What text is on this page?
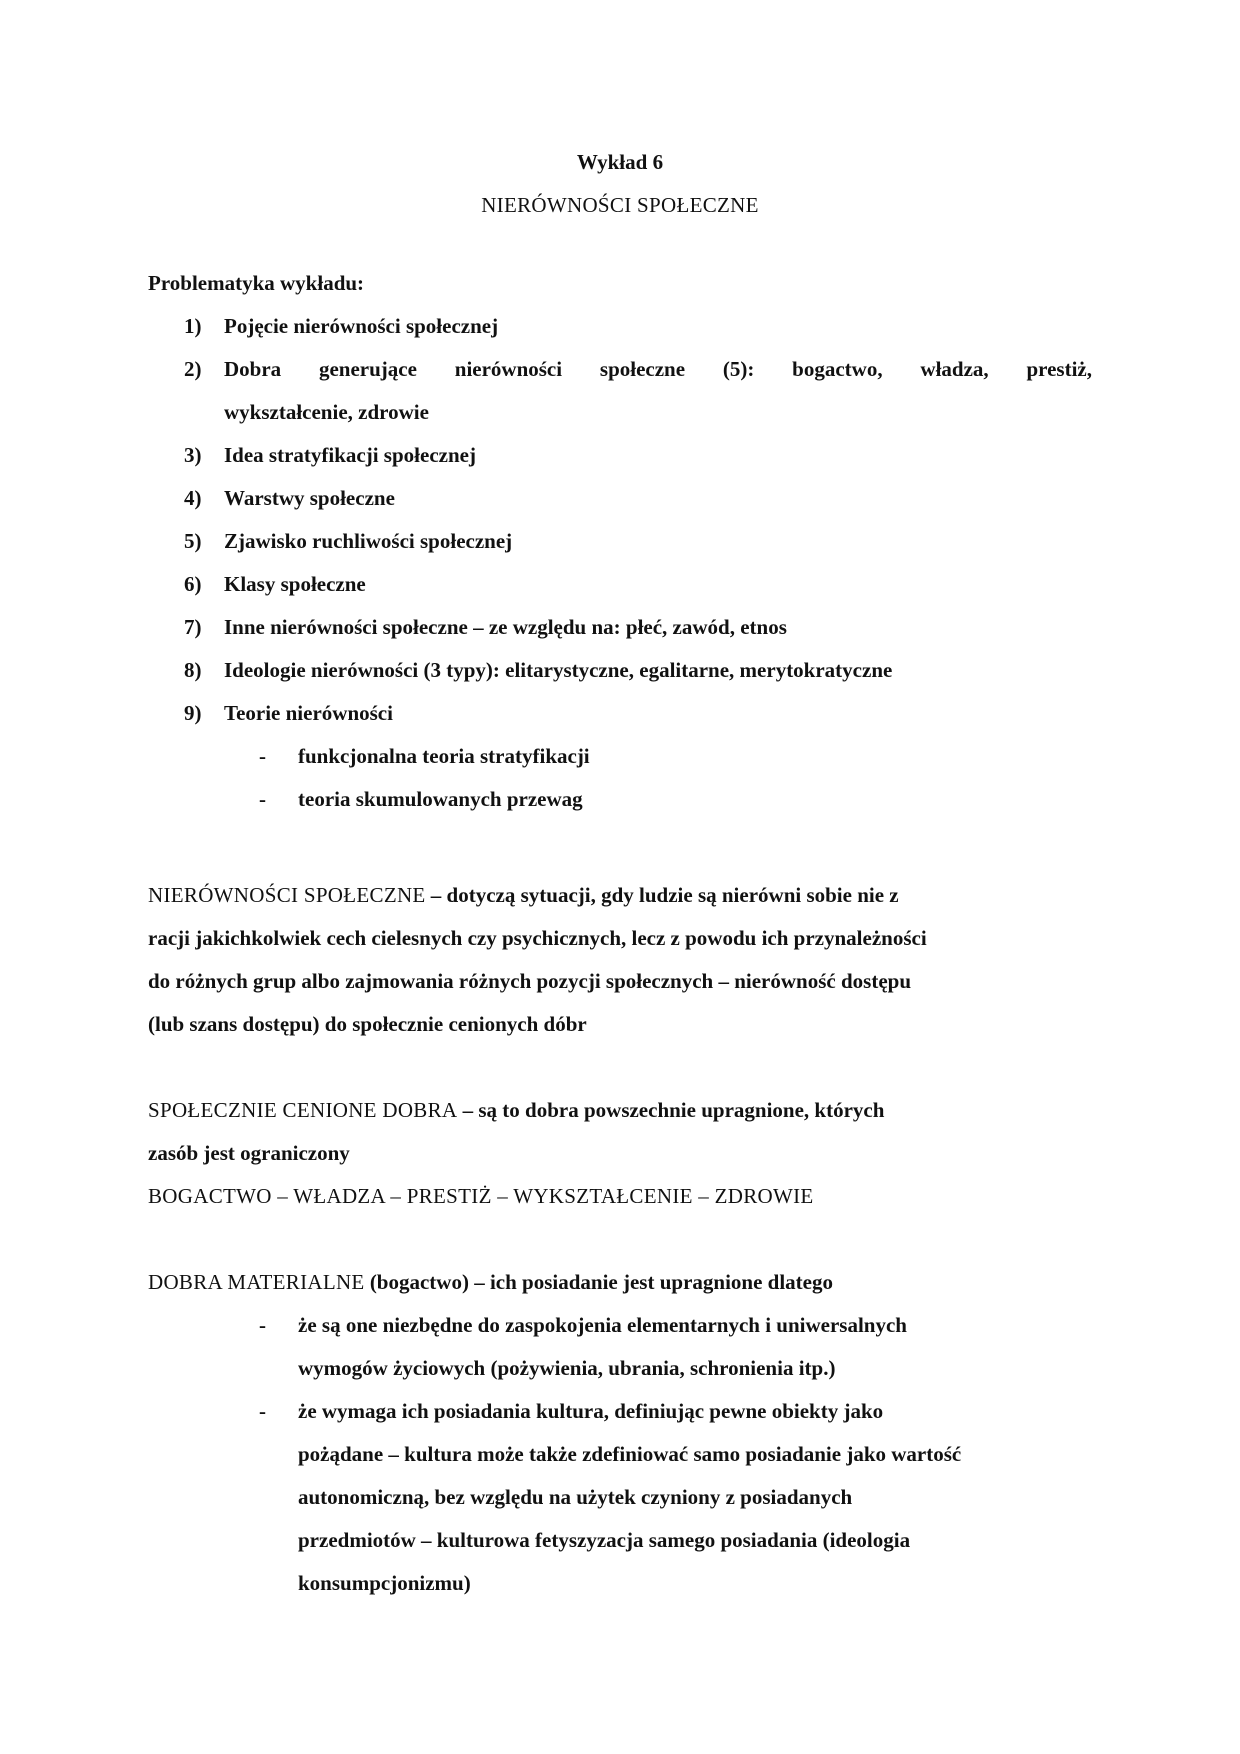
Wykład 6
NIERÓWNOŚCI SPOŁECZNE
Problematyka wykładu:
1)	Pojęcie nierówności społecznej
2)	Dobra generujące nierówności społeczne (5): bogactwo, władza, prestiż,
wykształcenie, zdrowie
3)	Idea stratyfikacji społecznej
4)	Warstwy społeczne
5)	Zjawisko ruchliwości społecznej
6)	Klasy społeczne
7)	Inne nierówności społeczne – ze względu na: płeć, zawód, etnos
8)	Ideologie nierówności (3 typy): elitarystyczne, egalitarne, merytokratyczne
9)	Teorie nierówności
- funkcjonalna teoria stratyfikacji
- teoria skumulowanych przewag
NIERÓWNOŚCI SPOŁECZNE – dotyczą sytuacji, gdy ludzie są nierówni sobie nie z
racji jakichkolwiek cech cielesnych czy psychicznych, lecz z powodu ich przynależności
do różnych grup albo zajmowania różnych pozycji społecznych – nierówność dostępu
(lub szans dostępu) do społecznie cenionych dóbr
SPOŁECZNIE CENIONE DOBRA – są to dobra powszechnie upragnione, których
zasób jest ograniczony
BOGACTWO – WŁADZA – PRESTIŻ – WYKSZTAŁCENIE – ZDROWIE
DOBRA MATERIALNE (bogactwo) – ich posiadanie jest upragnione dlatego
- że są one niezbędne do zaspokojenia elementarnych i uniwersalnych
wymogów życiowych (pożywienia, ubrania, schronienia itp.)
- że wymaga ich posiadania kultura, definiując pewne obiekty jako
pożądane – kultura może także zdefiniować samo posiadanie jako wartość
autonomiczną, bez względu na użytek czyniony z posiadanych
przedmiotów – kulturowa fetyszyzacja samego posiadania (ideologia
konsumpcjonizmu)
